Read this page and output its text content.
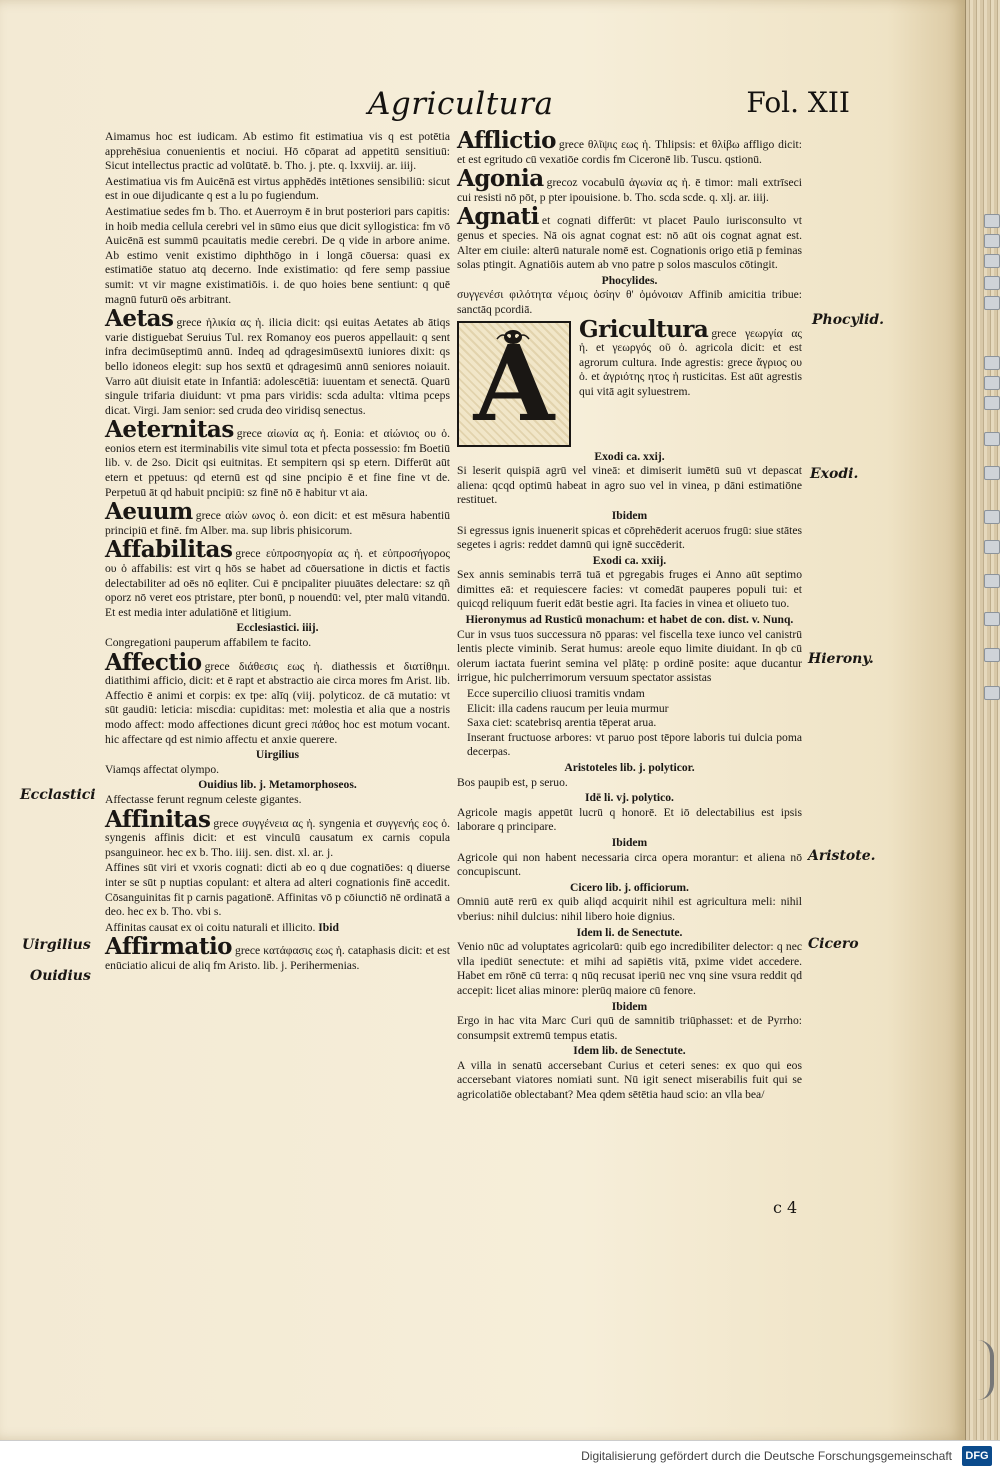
Agricultura	Fol. XII

Aimamus hoc est iudicam. Ab estimo fit estimatiua vis q est potētia apprehēsiua conuenientis et nociui. Hō cōparat ad appetitū sensitiuū: Sicut intellectus practic ad volūtatē. b. Tho. j. pte. q. lxxviij. ar. iiij.

Aestimatiua vis fm Auicēnā est virtus apphēdēs intētiones sensibiliū: sicut est in oue dijudicante q est a lu po fugiendum.

Aestimatiue sedes fm b. Tho. et Auerroym ē in brut posteriori pars capitis: in hoib media cellula cerebri vel in sūmo eius que dicit syllogistica: fm vō Auicēnā est summū pcauitatis medie cerebri. De q vide in arbore anime. Ab estimo venit existimo diphthōgo in i longā cōuersa: quasi ex estimatiōe statuo atq decerno. Inde existimatio: qd fere semp passiue sumit: vt vir magne existimatiōis. i. de quo hoies bene sentiunt: q quē magnū futurū oēs arbitrant.

Aetas grece ἡλικία ας ἡ. ilicia dicit: qsi euitas Aetates ab ātiqs varie distiguebat Seruius Tul. rex Romanoy eos pueros appellauit: q sent infra decimūseptimū annū. Indeq ad qdragesimūsextū iuniores dixit: qs bello idoneos elegit: sup hos sextū et qdragesimū annū seniores noiauit. Varro aūt diuisit etate in Infantiā: adolescētiā: iuuentam et senectā. Quarū singule trifaria diuidunt: vt pma pars viridis: scda adulta: vltima pceps dicat. Virgi. Jam senior: sed cruda deo viridisq senectus.

Aeternitas grece αἰωνία ας ἡ. Eonia: et αἰώνιος ου ὁ. eonios etern est iterminabilis vite simul tota et pfecta possessio: fm Boetiū lib. v. de 2so. Dicit qsi euitnitas. Et sempitern qsi sp etern. Differūt aūt etern et ppetuus: qd eternū est qd sine pncipio ē et fine fine vt de. Perpetuū āt qd habuit pncipiū: sz finē nō ē habitur vt aia.

Aeuum grece αἰών ωνος ὁ. eon dicit: et est mēsura habentiū principiū et finē. fm Alber. ma. sup libris phisicorum.

Affabilitas grece εὐπροσηγορία ας ἡ. et εὐπροσήγορος ου ὁ affabilis: est virt q hōs se habet ad cōuersatione in dictis et factis delectabiliter ad oēs nō eqliter. Cui ē pncipaliter piuuātes delectare: sz qñ oporz nō veret eos ptristare, pter bonū, p nouendū: vel, pter malū vitandū. Et est media inter adulatiōnē et litigium.

Ecclesiastici. iiij.
Congregationi pauperum affabilem te facito.

Affectio grece διάθεσις εως ἡ. diathessis et διατίθημι. diatithimi afficio, dicit: et ē rapt et abstractio aie circa mores fm Arist. lib. Affectio ē animi et corpis: ex tpe: alīq (viij. polyticoz. de cā mutatio: vt sūt gaudiū: leticia: miscdia: cupiditas: met: molestia et alia que a nostris modo affect: modo affectiones dicunt greci πάθος hoc est motum vocant. hic affectare qd est nimio affectu et anxie querere.

Uirgilius
Viamqs affectat olympo.

Ouidius lib. j. Metamorphoseos.
Affectasse ferunt regnum celeste gigantes.

Affinitas grece συγγένεια ας ἡ. syngenia et συγγενής εος ὁ. syngenis affinis dicit: et est vinculū causatum ex carnis copula psanguineor. hec ex b. Tho. iiij. sen. dist. xl. ar. j.

Affines sūt viri et vxoris cognati: dicti ab eo q due cognatiōes: q diuerse inter se sūt p nuptias copulant: et altera ad alteri cognationis finē accedit. Cōsanguinitas fit p carnis pagationē. Affinitas vō p cōiunctiō nē ordinatā a deo. hec ex b. Tho. vbi s.

Affinitas causat ex oi coitu naturali et illicito. Ibid

Affirmatio grece κατάφασις εως ἡ. cataphasis dicit: et est enūciatio alicui de aliq fm Aristo. lib. j. Perihermenias.

Afflictio grece θλῖψις εως ἡ. Thlipsis: et θλίβω affligo dicit: et est egritudo cū vexatiōe cordis fm Ciceronē lib. Tuscu. qstionū.

Agonia grecoz vocabulū ἀγωνία ας ἡ. ē timor: mali extrīseci cui resisti nō pōt, p pter ipouisione. b. Tho. scda scde. q. xlj. ar. iiij.

Agnati et cognati differūt: vt placet Paulo iurisconsulto vt genus et species. Nā ois agnat cognat est: nō aūt ois cognat agnat est. Alter em ciuile: alterū naturale nomē est. Cognationis origo etiā p feminas solas ptingit. Agnatiōis autem ab vno patre p solos masculos cōtingit.

Phocylides.
συγγενέσι φιλότητα νέμοις ὁσίην θ' ὁμόνοιαν Affinib amicitia tribue: sanctāq pcordiā.

A	Gricultura grece γεωργία ας ἡ. et γεωργός οῦ ὁ. agricola dicit: et est agrorum cultura. Inde agrestis: grece ἄγριος ου ὁ. et ἀγριότης ητος ἡ rusticitas. Est aūt agrestis qui vitā agit syluestrem.

Exodi ca. xxij.
Si leserit quispiā agrū vel vineā: et dimiserit iumētū suū vt depascat aliena: qcqd optimū habeat in agro suo vel in vinea, p dāni estimatiōne restituet.

Ibidem
Si egressus ignis inuenerit spicas et cōprehēderit aceruos frugū: siue stātes segetes i agris: reddet damnū qui ignē succēderit.

Exodi ca. xxiij.
Sex annis seminabis terrā tuā et pgregabis fruges ei Anno aūt septimo dimittes eā: et requiescere facies: vt comedāt pauperes populi tui: et quicqd reliquum fuerit edāt bestie agri. Ita facies in vinea et oliueto tuo.

Hieronymus ad Rusticū monachum: et habet de con. dist. v. Nunq.
Cur in vsus tuos successura nō pparas: vel fiscella texe iunco vel canistrū lentis plecte viminib. Serat humus: areole equo limite diuidant. In qb cū olerum iactata fuerint semina vel plātę: p ordinē posite: aque ducantur irrigue, hic pulcherrimorum versuum spectator assistas

Ecce supercilio cliuosi tramitis vndam
Elicit: illa cadens raucum per leuia murmur
Saxa ciet: scatebrisq arentia tēperat arua.
Inserant fructuose arbores: vt paruo post tēpore laboris tui dulcia poma decerpas.

Aristoteles lib. j. polyticor.
Bos paupib est, p seruo.

Idē li. vj. polytico.
Agricole magis appetūt lucrū q honorē. Et iō delectabilius est ipsis laborare q principare.

Ibidem
Agricole qui non habent necessaria circa opera morantur: et aliena nō concupiscunt.

Cicero lib. j. officiorum.
Omniū autē rerū ex quib aliqd acquirit nihil est agricultura meli: nihil vberius: nihil dulcius: nihil libero hoie dignius.

Idem li. de Senectute.
Venio nūc ad voluptates agricolarū: quib ego incredibiliter delector: q nec vlla ipediūt senectute: et mihi ad sapiētis vitā, pxime videt accedere. Habet em rōnē cū terra: q nūq recusat iperiū nec vnq sine vsura reddit qd accepit: licet alias minore: plerūq maiore cū fenore.

Ibidem
Ergo in hac vita Marc Curi quū de samnitib triūphasset: et de Pyrrho: consumpsit extremū tempus etatis.

Idem lib. de Senectute.
A villa in senatū accersebant Curius et ceteri senes: ex quo qui eos accersebant viatores nomiati sunt. Nū igit senect miserabilis fuit qui se agricolatiōe oblectabant? Mea qdem sētētia haud scio: an vlla bea/

Phocylid.
Exodi.
Hierony.
Aristote.
Cicero
Ecclastici
Uirgilius
Ouidius
c 4
Digitalisierung gefördert durch die Deutsche Forschungsgemeinschaft	DFG
